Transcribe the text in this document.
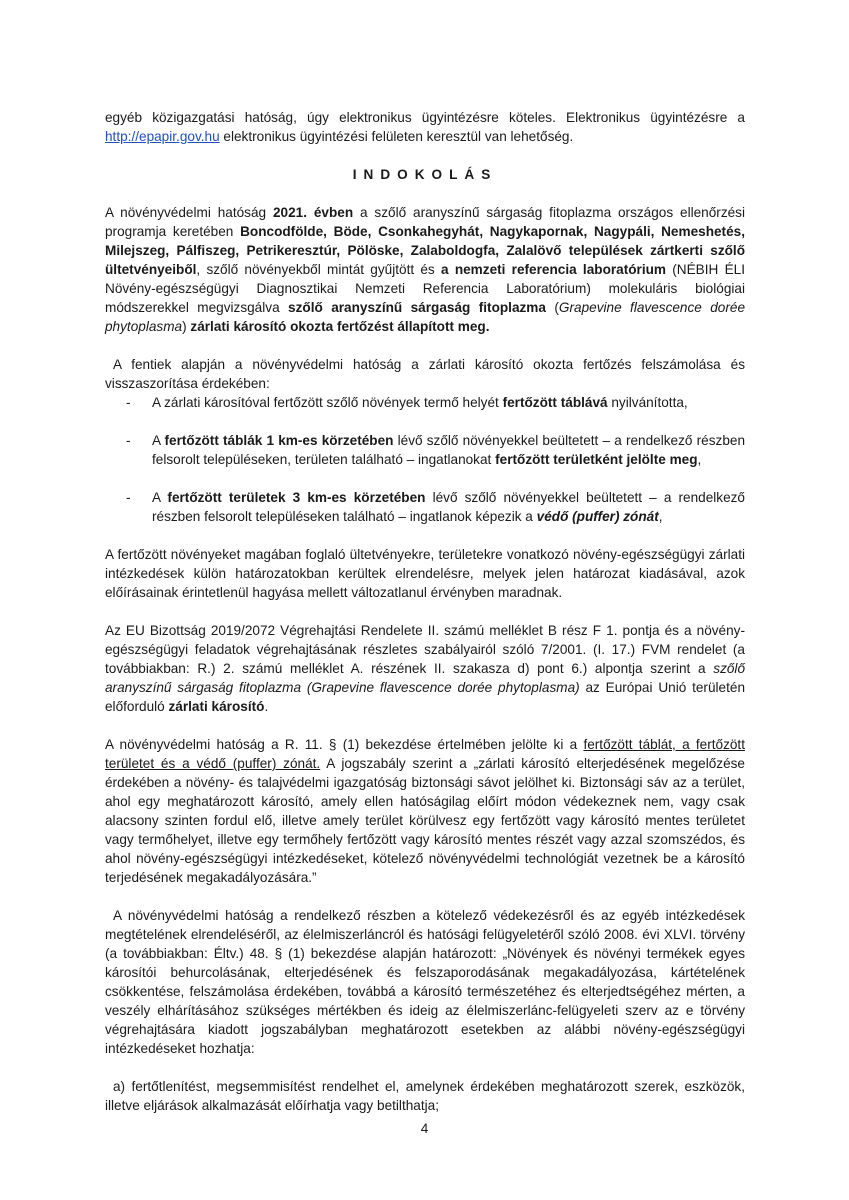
egyéb közigazgatási hatóság, úgy elektronikus ügyintézésre köteles. Elektronikus ügyintézésre a http://epapir.gov.hu elektronikus ügyintézési felületen keresztül van lehetőség.

INDOKOLÁS

A növényvédelmi hatóság 2021. évben a szőlő aranyszínű sárgaság fitoplazma országos ellenőrzési programja keretében Boncodfölde, Böde, Csonkahegyhát, Nagykapornak, Nagypáli, Nemeshetés, Milejszeg, Pálfiszeg, Petrikeresztúr, Pölöske, Zalaboldogfa, Zalalövő települések zártkerti szőlő ültetvényeiből, szőlő növényekből mintát gyűjtött és a nemzeti referencia laboratórium (NÉBIH ÉLI Növény-egészségügyi Diagnosztikai Nemzeti Referencia Laboratórium) molekuláris biológiai módszerekkel megvizsgálva szőlő aranyszínű sárgaság fitoplazma (Grapevine flavescence dorée phytoplasma) zárlati károsító okozta fertőzést állapított meg.

A fentiek alapján a növényvédelmi hatóság a zárlati károsító okozta fertőzés felszámolása és visszaszorítása érdekében:

- A zárlati károsítóval fertőzött szőlő növények termő helyét fertőzött táblává nyilvánította,
- A fertőzött táblák 1 km-es körzetében lévő szőlő növényekkel beültetett – a rendelkező részben felsorolt településeken, területen található – ingatlanokat fertőzött területként jelölte meg,
- A fertőzött területek 3 km-es körzetében lévő szőlő növényekkel beültetett – a rendelkező részben felsorolt településeken található – ingatlanok képezik a védő (puffer) zónát,

A fertőzött növényeket magában foglaló ültetvényekre, területekre vonatkozó növény-egészségügyi zárlati intézkedések külön határozatokban kerültek elrendelésre, melyek jelen határozat kiadásával, azok előírásainak érintetlenül hagyása mellett változatlanul érvényben maradnak.

Az EU Bizottság 2019/2072 Végrehajtási Rendelete II. számú melléklet B rész F 1. pontja és a növény-egészségügyi feladatok végrehajtásának részletes szabályairól szóló 7/2001. (I. 17.) FVM rendelet (a továbbiakban: R.) 2. számú melléklet A. részének II. szakasza d) pont 6.) alpontja szerint a szőlő aranyszínű sárgaság fitoplazma (Grapevine flavescence dorée phytoplasma) az Európai Unió területén előforduló zárlati károsító.

A növényvédelmi hatóság a R. 11. § (1) bekezdése értelmében jelölte ki a fertőzött táblát, a fertőzött területet és a védő (puffer) zónát. A jogszabály szerint a „zárlati károsító elterjedésének megelőzése érdekében a növény- és talajvédelmi igazgatóság biztonsági sávot jelölhet ki. Biztonsági sáv az a terület, ahol egy meghatározott károsító, amely ellen hatóságilag előírt módon védekeznek nem, vagy csak alacsony szinten fordul elő, illetve amely terület körülvesz egy fertőzött vagy károsító mentes területet vagy termőhelyet, illetve egy termőhely fertőzött vagy károsító mentes részét vagy azzal szomszédos, és ahol növény-egészségügyi intézkedéseket, kötelező növényvédelmi technológiát vezetnek be a károsító terjedésének megakadályozására.”

A növényvédelmi hatóság a rendelkező részben a kötelező védekezésről és az egyéb intézkedések megtételének elrendeléséről, az élelmiszerláncról és hatósági felügyeletéről szóló 2008. évi XLVI. törvény (a továbbiakban: Éltv.) 48. § (1) bekezdése alapján határozott: „Növények és növényi termékek egyes károsítói behurcolásának, elterjedésének és felszaporodásának megakadályozása, kártételének csökkentése, felszámolása érdekében, továbbá a károsító természetéhez és elterjedtségéhez mérten, a veszély elhárításához szükséges mértékben és ideig az élelmiszerlánc-felügyeleti szerv az e törvény végrehajtására kiadott jogszabályban meghatározott esetekben az alábbi növény-egészségügyi intézkedéseket hozhatja:

a) fertőtlenítést, megsemmisítést rendelhet el, amelynek érdekében meghatározott szerek, eszközök, illetve eljárások alkalmazását előírhatja vagy betilthatja;

4
